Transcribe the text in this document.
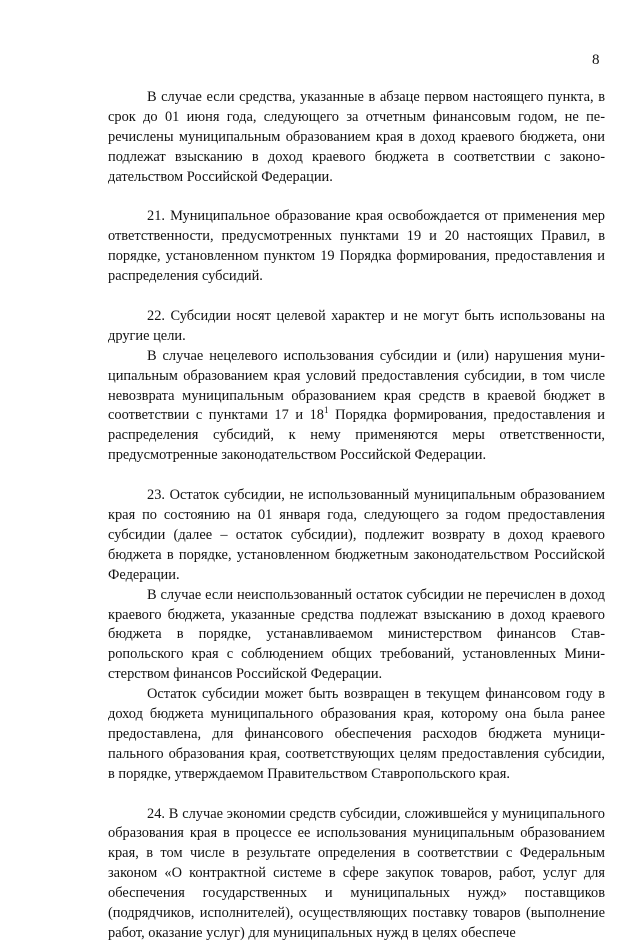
8

В случае если средства, указанные в абзаце первом настоящего пункта, в срок до 01 июня года, следующего за отчетным финансовым годом, не перечислены муниципальным образованием края в доход краевого бюджета, они подлежат взысканию в доход краевого бюджета в соответствии с законодательством Российской Федерации.

21. Муниципальное образование края освобождается от применения мер ответственности, предусмотренных пунктами 19 и 20 настоящих Правил, в порядке, установленном пунктом 19 Порядка формирования, предоставления и распределения субсидий.

22. Субсидии носят целевой характер и не могут быть использованы на другие цели.

В случае нецелевого использования субсидии и (или) нарушения муниципальным образованием края условий предоставления субсидии, в том числе невозврата муниципальным образованием края средств в краевой бюджет в соответствии с пунктами 17 и $18^1$ Порядка формирования, предоставления и распределения субсидий, к нему применяются меры ответственности, предусмотренные законодательством Российской Федерации.

23. Остаток субсидии, не использованный муниципальным образованием края по состоянию на 01 января года, следующего за годом предоставления субсидии (далее – остаток субсидии), подлежит возврату в доход краевого бюджета в порядке, установленном бюджетным законодательством Российской Федерации.

В случае если неиспользованный остаток субсидии не перечислен в доход краевого бюджета, указанные средства подлежат взысканию в доход краевого бюджета в порядке, устанавливаемом министерством финансов Ставропольского края с соблюдением общих требований, установленных Министерством финансов Российской Федерации.

Остаток субсидии может быть возвращен в текущем финансовом году в доход бюджета муниципального образования края, которому она была ранее предоставлена, для финансового обеспечения расходов бюджета муниципального образования края, соответствующих целям предоставления субсидии, в порядке, утверждаемом Правительством Ставропольского края.

24. В случае экономии средств субсидии, сложившейся у муниципального образования края в процессе ее использования муниципальным образованием края, в том числе в результате определения в соответствии с Федеральным законом «О контрактной системе в сфере закупок товаров, работ, услуг для обеспечения государственных и муниципальных нужд» поставщиков (подрядчиков, исполнителей), осуществляющих поставку товаров (выполнение работ, оказание услуг) для муниципальных нужд в целях обеспече
